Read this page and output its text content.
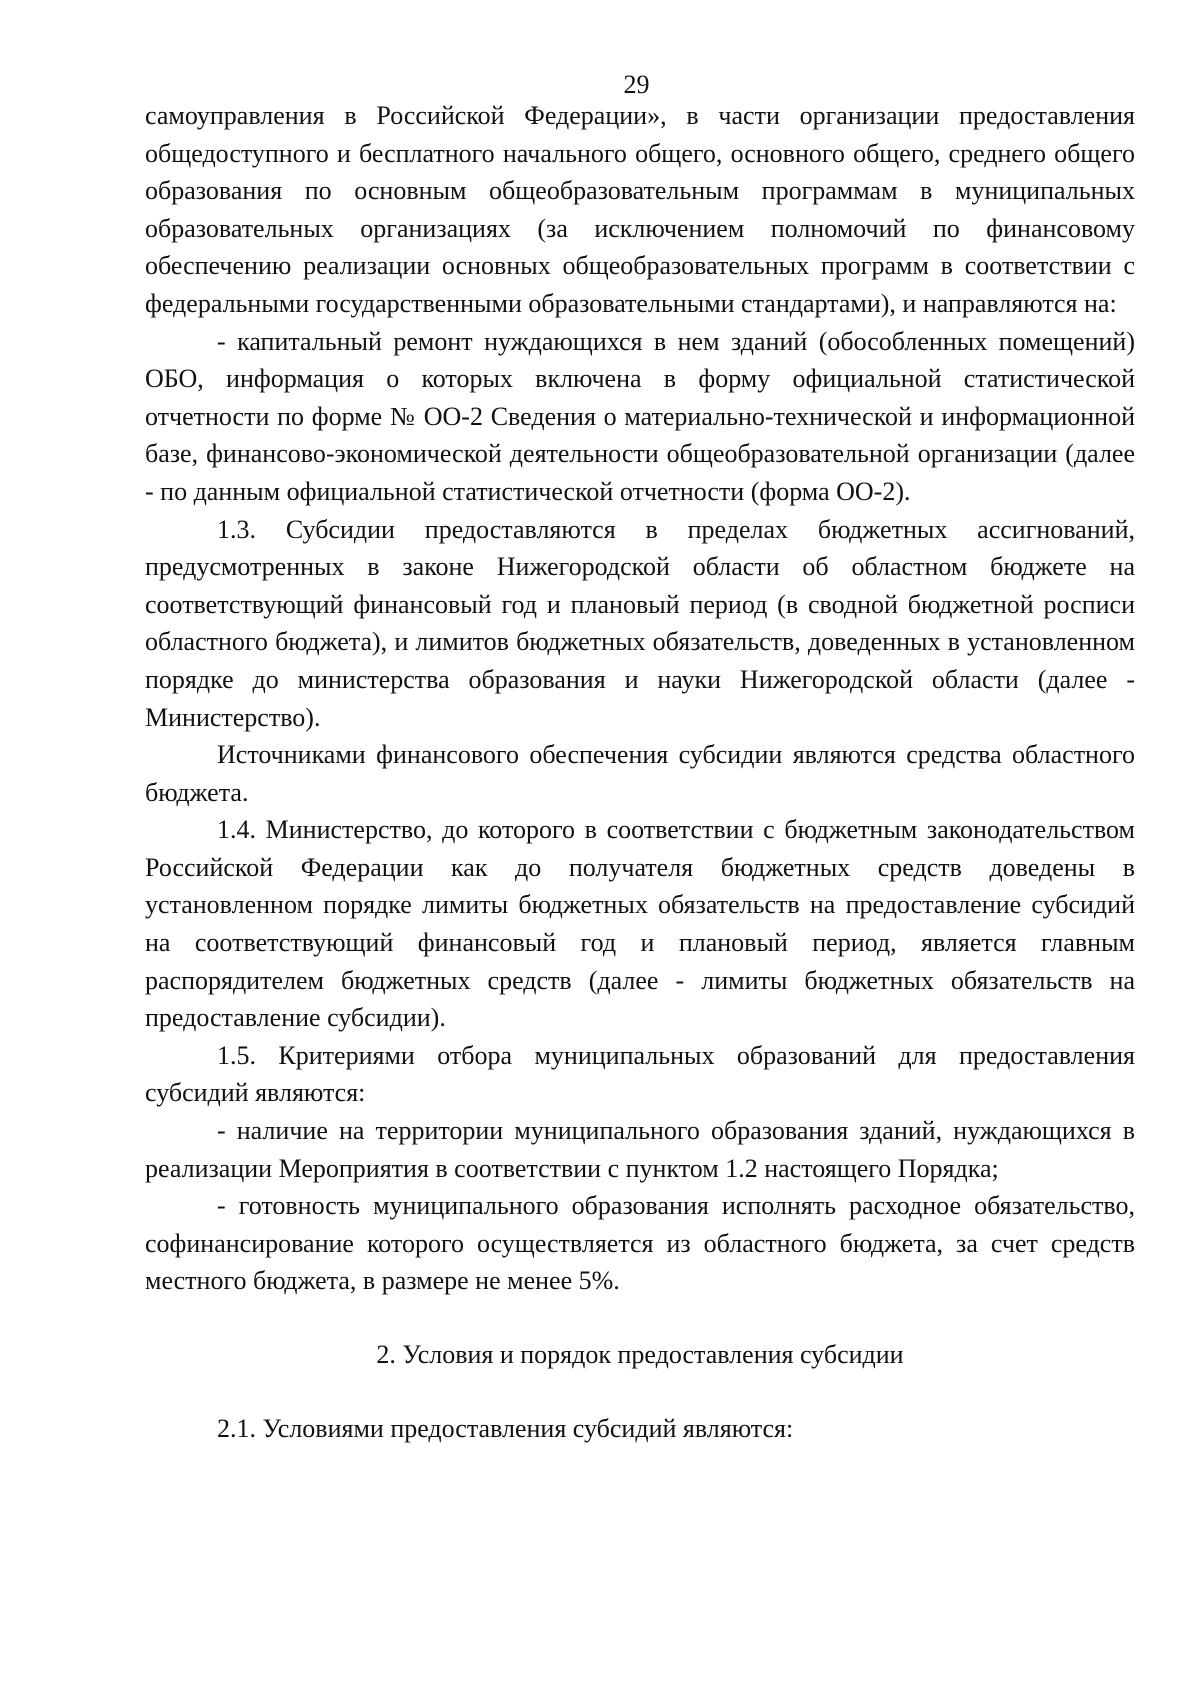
29

самоуправления в Российской Федерации», в части организации предоставления общедоступного и бесплатного начального общего, основного общего, среднего общего образования по основным общеобразовательным программам в муниципальных образовательных организациях (за исключением полномочий по финансовому обеспечению реализации основных общеобразовательных программ в соответствии с федеральными государственными образовательными стандартами), и направляются на:

- капитальный ремонт нуждающихся в нем зданий (обособленных помещений) ОБО, информация о которых включена в форму официальной статистической отчетности по форме № ОО-2 Сведения о материально-технической и информационной базе, финансово-экономической деятельности общеобразовательной организации (далее - по данным официальной статистической отчетности (форма ОО-2).

1.3. Субсидии предоставляются в пределах бюджетных ассигнований, предусмотренных в законе Нижегородской области об областном бюджете на соответствующий финансовый год и плановый период (в сводной бюджетной росписи областного бюджета), и лимитов бюджетных обязательств, доведенных в установленном порядке до министерства образования и науки Нижегородской области (далее - Министерство).

Источниками финансового обеспечения субсидии являются средства областного бюджета.

1.4. Министерство, до которого в соответствии с бюджетным законодательством Российской Федерации как до получателя бюджетных средств доведены в установленном порядке лимиты бюджетных обязательств на предоставление субсидий на соответствующий финансовый год и плановый период, является главным распорядителем бюджетных средств (далее - лимиты бюджетных обязательств на предоставление субсидии).

1.5. Критериями отбора муниципальных образований для предоставления субсидий являются:

- наличие на территории муниципального образования зданий, нуждающихся в реализации Мероприятия в соответствии с пунктом 1.2 настоящего Порядка;

- готовность муниципального образования исполнять расходное обязательство, софинансирование которого осуществляется из областного бюджета, за счет средств местного бюджета, в размере не менее 5%.

2. Условия и порядок предоставления субсидии

2.1. Условиями предоставления субсидий являются:
